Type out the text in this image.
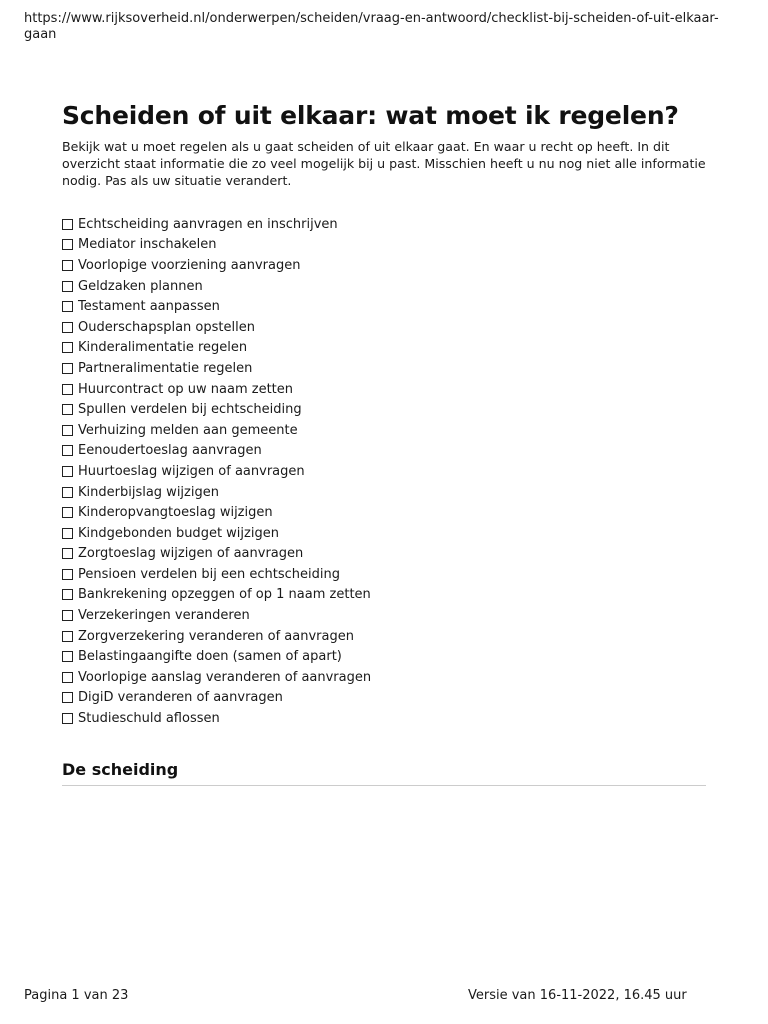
https://www.rijksoverheid.nl/onderwerpen/scheiden/vraag-en-antwoord/checklist-bij-scheiden-of-uit-elkaar-gaan
Scheiden of uit elkaar: wat moet ik regelen?

Bekijk wat u moet regelen als u gaat scheiden of uit elkaar gaat. En waar u recht op heeft. In dit overzicht staat informatie die zo veel mogelijk bij u past. Misschien heeft u nu nog niet alle informatie nodig. Pas als uw situatie verandert.

Echtscheiding aanvragen en inschrijven
Mediator inschakelen
Voorlopige voorziening aanvragen
Geldzaken plannen
Testament aanpassen
Ouderschapsplan opstellen
Kinderalimentatie regelen
Partneralimentatie regelen
Huurcontract op uw naam zetten
Spullen verdelen bij echtscheiding
Verhuizing melden aan gemeente
Eenoudertoeslag aanvragen
Huurtoeslag wijzigen of aanvragen
Kinderbijslag wijzigen
Kinderopvangtoeslag wijzigen
Kindgebonden budget wijzigen
Zorgtoeslag wijzigen of aanvragen
Pensioen verdelen bij een echtscheiding
Bankrekening opzeggen of op 1 naam zetten
Verzekeringen veranderen
Zorgverzekering veranderen of aanvragen
Belastingaangifte doen (samen of apart)
Voorlopige aanslag veranderen of aanvragen
DigiD veranderen of aanvragen
Studieschuld aflossen
De scheiding
Pagina 1 van 23	Versie van 16-11-2022, 16.45 uur
